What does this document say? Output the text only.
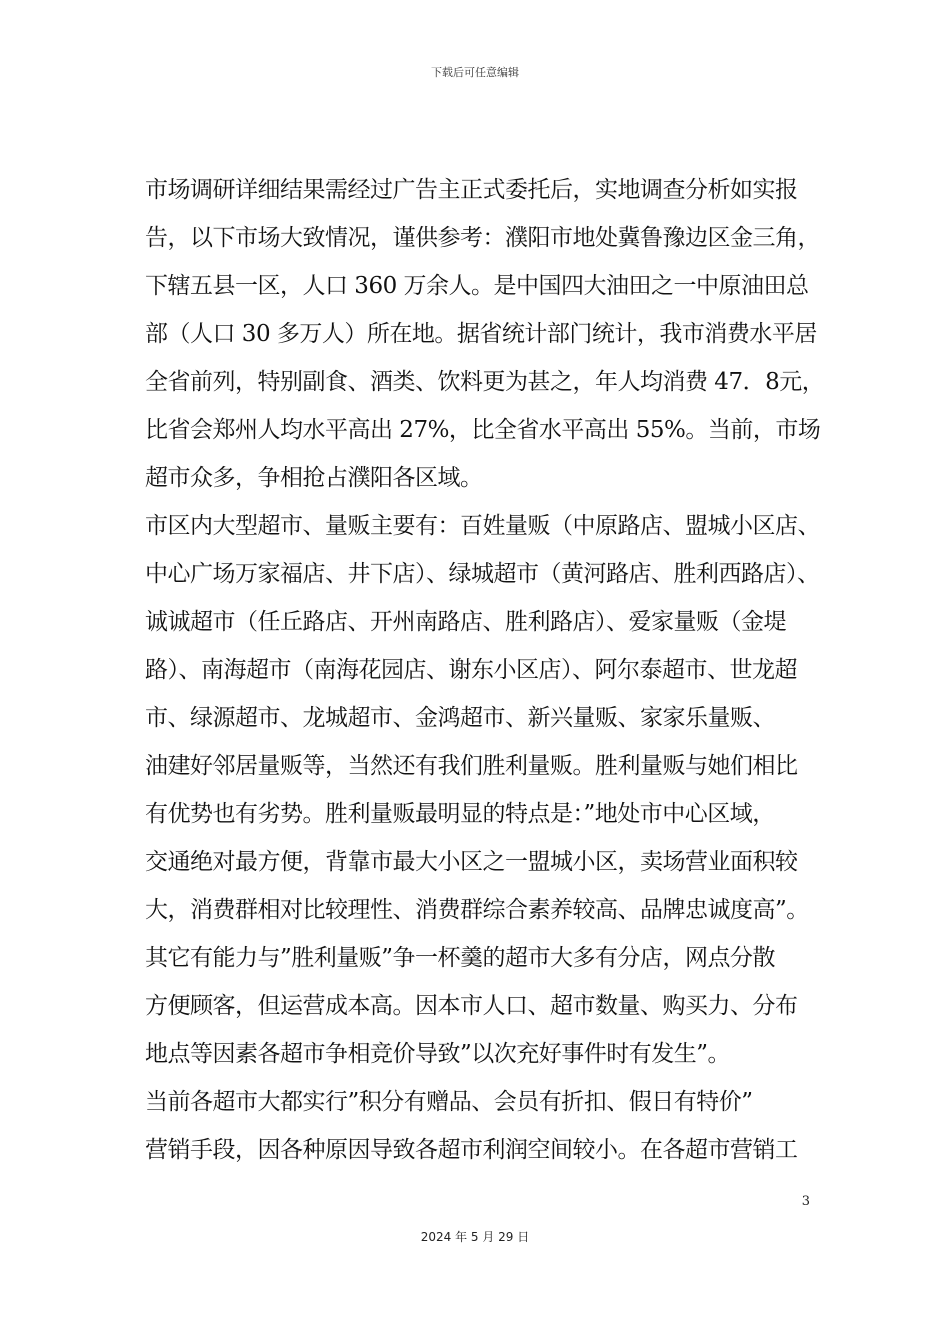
下载后可任意编辑
市场调研详细结果需经过广告主正式委托后，实地调查分析如实报
告，以下市场大致情况，谨供参考：濮阳市地处冀鲁豫边区金三角，
下辖五县一区，人口 360 万余人。是中国四大油田之一中原油田总
部（人口 30 多万人）所在地。据省统计部门统计，我市消费水平居
全省前列，特别副食、酒类、饮料更为甚之，年人均消费 47．8元，
比省会郑州人均水平高出 27%，比全省水平高出 55%。当前，市场
超市众多，争相抢占濮阳各区域。
市区内大型超市、量贩主要有：百姓量贩（中原路店、盟城小区店、
中心广场万家福店、井下店）、绿城超市（黄河路店、胜利西路店）、
诚诚超市（任丘路店、开州南路店、胜利路店）、爱家量贩（金堤
路）、南海超市（南海花园店、谢东小区店）、阿尔泰超市、世龙超
市、绿源超市、龙城超市、金鸿超市、新兴量贩、家家乐量贩、
油建好邻居量贩等，当然还有我们胜利量贩。胜利量贩与她们相比
有优势也有劣势。胜利量贩最明显的特点是：”地处市中心区域，
交通绝对最方便，背靠市最大小区之一盟城小区，卖场营业面积较
大，消费群相对比较理性、消费群综合素养较高、品牌忠诚度高”。
其它有能力与”胜利量贩”争一杯羹的超市大多有分店，网点分散
方便顾客，但运营成本高。因本市人口、超市数量、购买力、分布
地点等因素各超市争相竞价导致”以次充好事件时有发生”。
当前各超市大都实行”积分有赠品、会员有折扣、假日有特价”
营销手段，因各种原因导致各超市利润空间较小。在各超市营销工
3
2024 年 5 月 29 日
